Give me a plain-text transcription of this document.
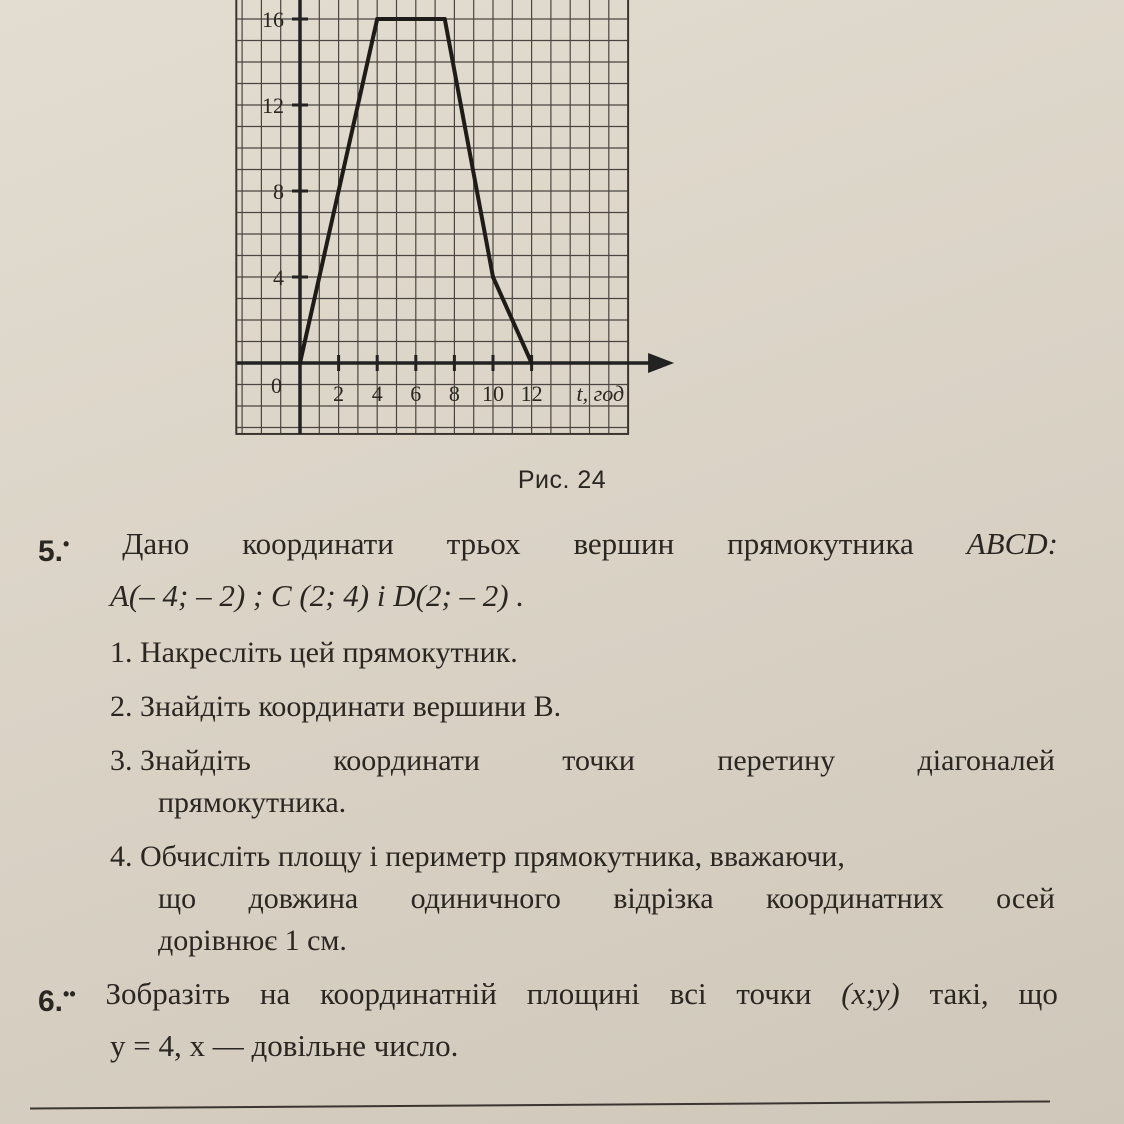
2 4 6 8 10 12
4
8
12
16
0	t, год
Рис. 24
5.• Дано координати трьох вершин прямокутника ABCD:
A(– 4; – 2) ; C (2; 4) і D(2; – 2) .
1. Накресліть цей прямокутник.
2. Знайдіть координати вершини B.
3. Знайдіть	координати	точки	перетину	діагоналей
прямокутника.
4. Обчисліть площу і периметр прямокутника, вважаючи,
що довжина одиничного відрізка координатних осей
дорівнює 1 см.
6.•• Зобразіть на координатній площині всі точки (x;y) такі, що
y = 4, x — довільне число.
